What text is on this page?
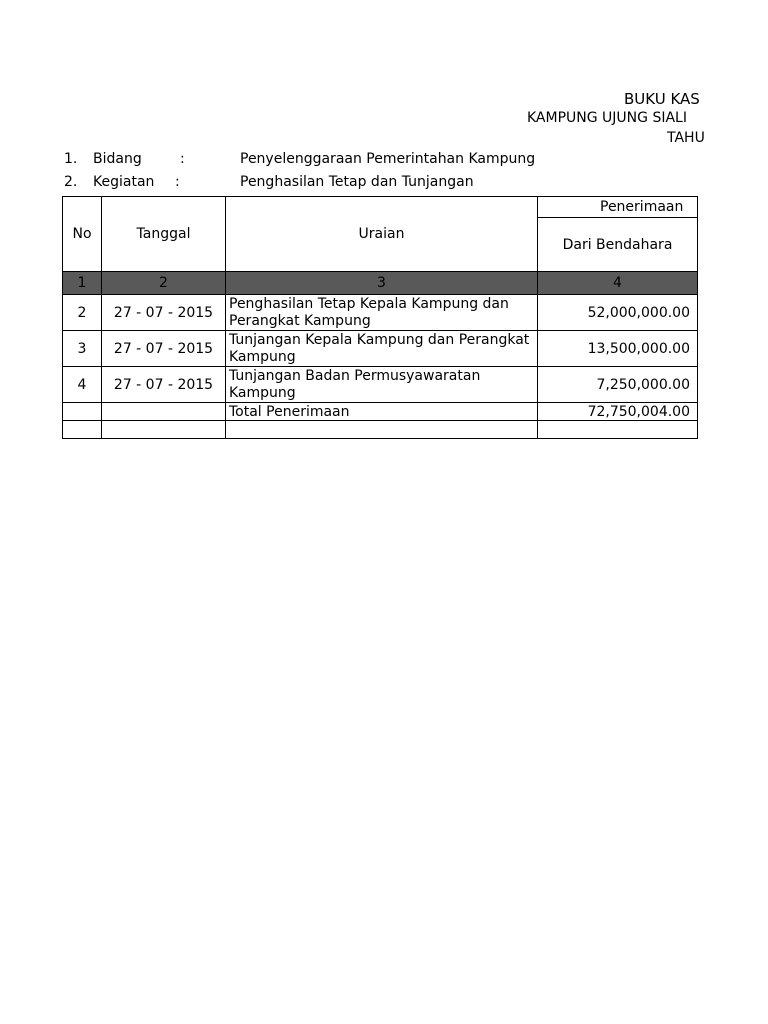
BUKU KAS
KAMPUNG UJUNG SIALI
TAHU
1. Bidang	:	Penyelenggaraan Pemerintahan Kampung
2. Kegiatan :	Penghasilan Tetap dan Tunjangan
No	Tanggal	Uraian	Penerimaan
			Dari Bendahara
1	2	3	4
2	27 - 07 - 2015	Penghasilan Tetap Kepala Kampung dan Perangkat Kampung	52,000,000.00
3	27 - 07 - 2015	Tunjangan Kepala Kampung dan Perangkat Kampung	13,500,000.00
4	27 - 07 - 2015	Tunjangan Badan Permusyawaratan Kampung	7,250,000.00
		Total Penerimaan	72,750,004.00
